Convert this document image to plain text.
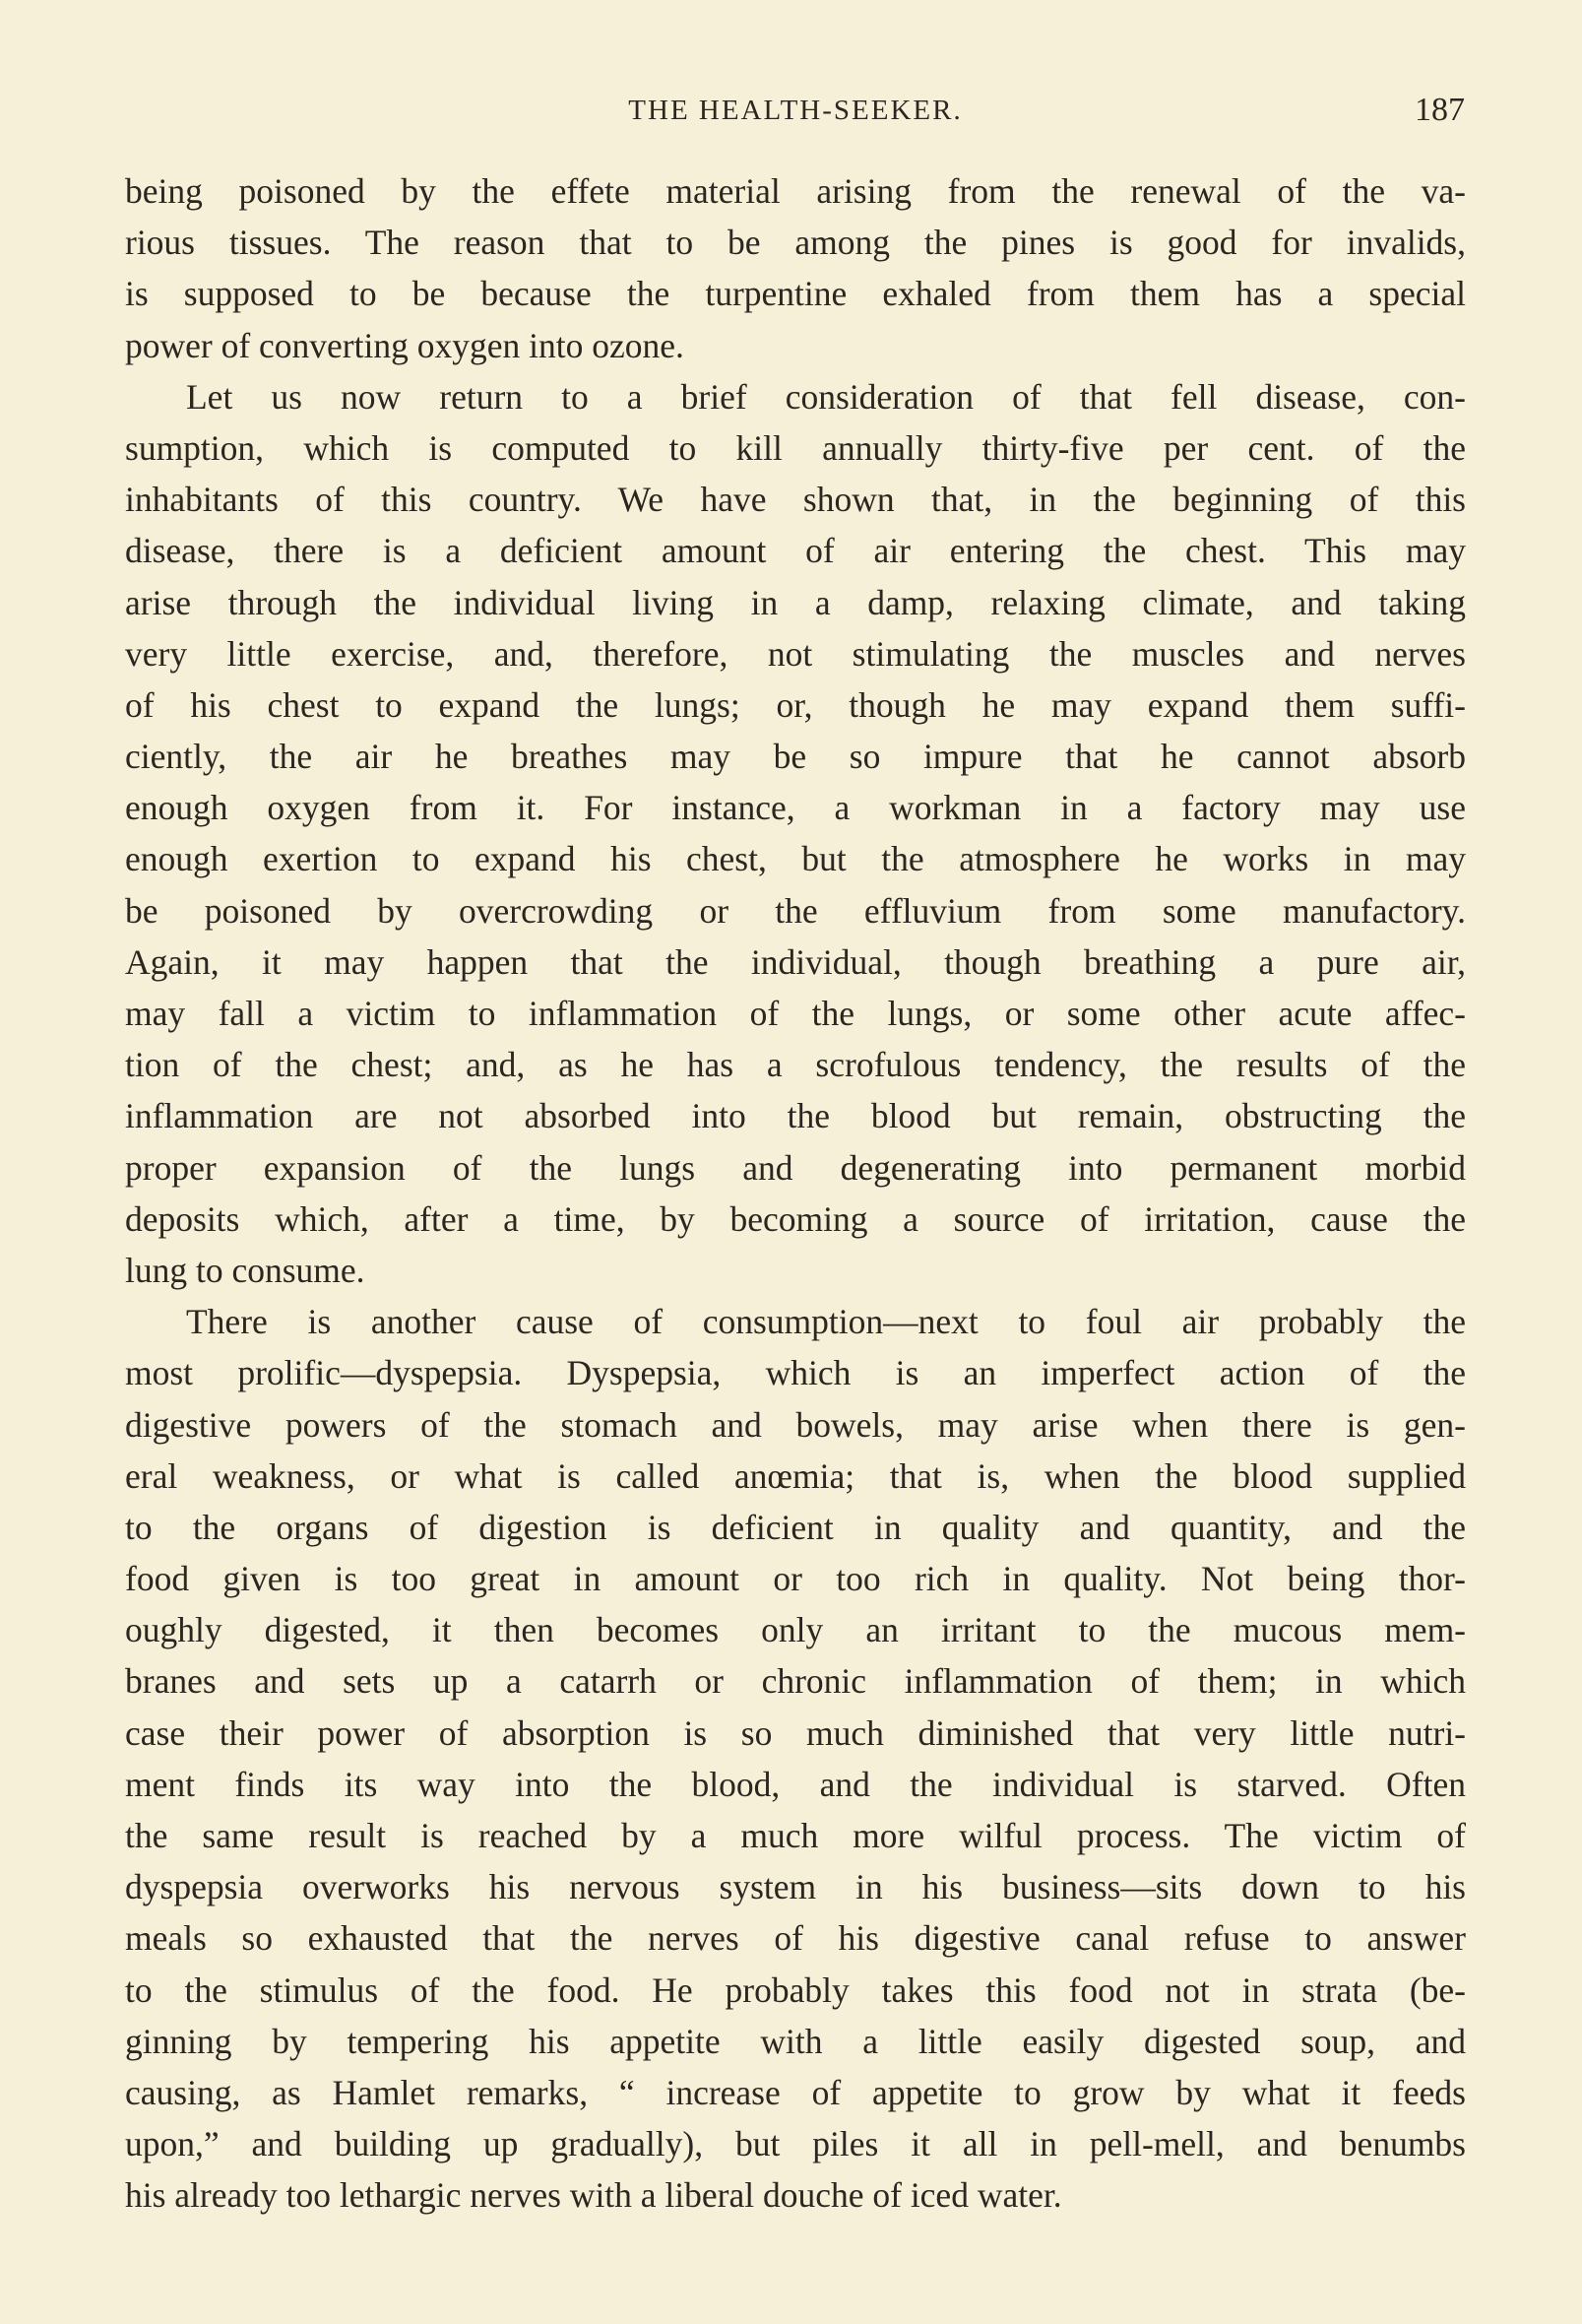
THE HEALTH-SEEKER.	187
being poisoned by the effete material arising from the renewal of the va-
rious tissues. The reason that to be among the pines is good for invalids,
is supposed to be because the turpentine exhaled from them has a special
power of converting oxygen into ozone.
Let us now return to a brief consideration of that fell disease, con-
sumption, which is computed to kill annually thirty-five per cent. of the
inhabitants of this country. We have shown that, in the beginning of this
disease, there is a deficient amount of air entering the chest. This may
arise through the individual living in a damp, relaxing climate, and taking
very little exercise, and, therefore, not stimulating the muscles and nerves
of his chest to expand the lungs; or, though he may expand them suffi-
ciently, the air he breathes may be so impure that he cannot absorb
enough oxygen from it. For instance, a workman in a factory may use
enough exertion to expand his chest, but the atmosphere he works in may
be poisoned by overcrowding or the effluvium from some manufactory.
Again, it may happen that the individual, though breathing a pure air,
may fall a victim to inflammation of the lungs, or some other acute affec-
tion of the chest; and, as he has a scrofulous tendency, the results of the
inflammation are not absorbed into the blood but remain, obstructing the
proper expansion of the lungs and degenerating into permanent morbid
deposits which, after a time, by becoming a source of irritation, cause the
lung to consume.
There is another cause of consumption—next to foul air probably the
most prolific—dyspepsia. Dyspepsia, which is an imperfect action of the
digestive powers of the stomach and bowels, may arise when there is gen-
eral weakness, or what is called anœmia; that is, when the blood supplied
to the organs of digestion is deficient in quality and quantity, and the
food given is too great in amount or too rich in quality. Not being thor-
oughly digested, it then becomes only an irritant to the mucous mem-
branes and sets up a catarrh or chronic inflammation of them; in which
case their power of absorption is so much diminished that very little nutri-
ment finds its way into the blood, and the individual is starved. Often
the same result is reached by a much more wilful process. The victim of
dyspepsia overworks his nervous system in his business—sits down to his
meals so exhausted that the nerves of his digestive canal refuse to answer
to the stimulus of the food. He probably takes this food not in strata (be-
ginning by tempering his appetite with a little easily digested soup, and
causing, as Hamlet remarks, “ increase of appetite to grow by what it feeds
upon,” and building up gradually), but piles it all in pell-mell, and benumbs
his already too lethargic nerves with a liberal douche of iced water.
